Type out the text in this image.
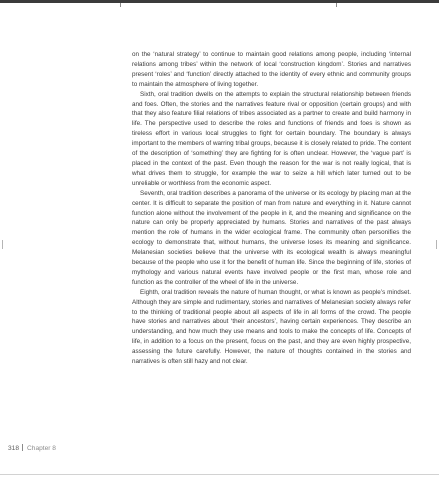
on the ‘natural strategy’ to continue to maintain good relations among people, including ‘internal relations among tribes’ within the network of local ‘construction kingdom’. Stories and narratives present ‘roles’ and ‘function’ directly attached to the identity of every ethnic and community groups to maintain the atmosphere of living together.

Sixth, oral tradition dwells on the attempts to explain the structural relationship between friends and foes. Often, the stories and the narratives feature rival or opposition (certain groups) and with that they also feature filial relations of tribes associated as a partner to create and build harmony in life. The perspective used to describe the roles and functions of friends and foes is shown as tireless effort in various local struggles to fight for certain boundary. The boundary is always important to the members of warring tribal groups, because it is closely related to pride. The content of the description of ‘something’ they are fighting for is often unclear. However, the ‘vague part’ is placed in the context of the past. Even though the reason for the war is not really logical, that is what drives them to struggle, for example the war to seize a hill which later turned out to be unreliable or worthless from the economic aspect.

Seventh, oral tradition describes a panorama of the universe or its ecology by placing man at the center. It is difficult to separate the position of man from nature and everything in it. Nature cannot function alone without the involvement of the people in it, and the meaning and significance on the nature can only be properly appreciated by humans. Stories and narratives of the past always mention the role of humans in the wider ecological frame. The community often personifies the ecology to demonstrate that, without humans, the universe loses its meaning and significance. Melanesian societies believe that the universe with its ecological wealth is always meaningful because of the people who use it for the benefit of human life. Since the beginning of life, stories of mythology and various natural events have involved people or the first man, whose role and function as the controller of the wheel of life in the universe.

Eighth, oral tradition reveals the nature of human thought, or what is known as people’s mindset. Although they are simple and rudimentary, stories and narratives of Melanesian society always refer to the thinking of traditional people about all aspects of life in all forms of the crowd. The people have stories and narratives about ‘their ancestors’, having certain experiences. They describe an understanding, and how much they use means and tools to make the concepts of life. Concepts of life, in addition to a focus on the present, focus on the past, and they are even highly prospective, assessing the future carefully. However, the nature of thoughts contained in the stories and narratives is often still hazy and not clear.

318 Chapter 8
